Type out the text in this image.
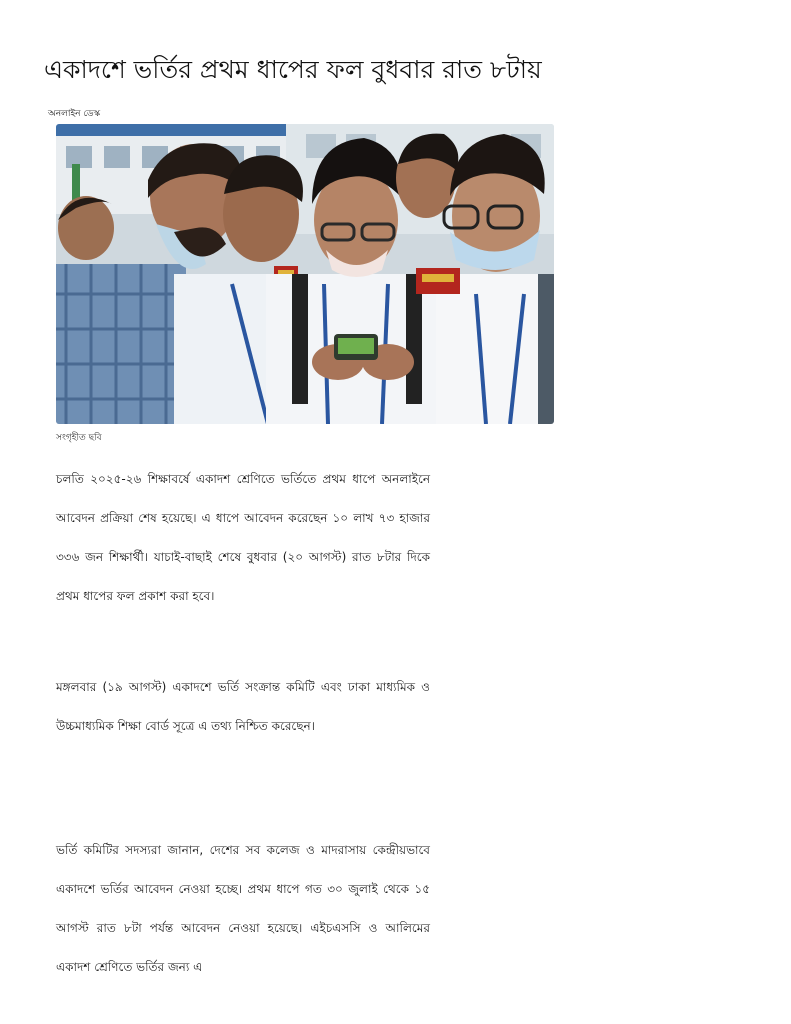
একাদশে ভর্তির প্রথম ধাপের ফল বুধবার রাত ৮টায়
অনলাইন ডেস্ক
সংগৃহীত ছবি

চলতি ২০২৫-২৬ শিক্ষাবর্ষে একাদশ শ্রেণিতে ভর্তিতে প্রথম ধাপে অনলাইনে আবেদন প্রক্রিয়া শেষ হয়েছে। এ ধাপে আবেদন করেছেন ১০ লাখ ৭৩ হাজার ৩৩৬ জন শিক্ষার্থী। যাচাই-বাছাই শেষে বুধবার (২০ আগস্ট) রাত ৮টার দিকে প্রথম ধাপের ফল প্রকাশ করা হবে।

মঙ্গলবার (১৯ আগস্ট) একাদশে ভর্তি সংক্রান্ত কমিটি এবং ঢাকা মাধ্যমিক ও উচ্চমাধ্যমিক শিক্ষা বোর্ড সূত্রে এ তথ্য নিশ্চিত করেছেন।

ভর্তি কমিটির সদস্যরা জানান, দেশের সব কলেজ ও মাদরাসায় কেন্দ্রীয়ভাবে একাদশে ভর্তির আবেদন নেওয়া হচ্ছে। প্রথম ধাপে গত ৩০ জুলাই থেকে ১৫ আগস্ট রাত ৮টা পর্যন্ত আবেদন নেওয়া হয়েছে। এইচএসসি ও আলিমের একাদশ শ্রেণিতে ভর্তির জন্য এ
